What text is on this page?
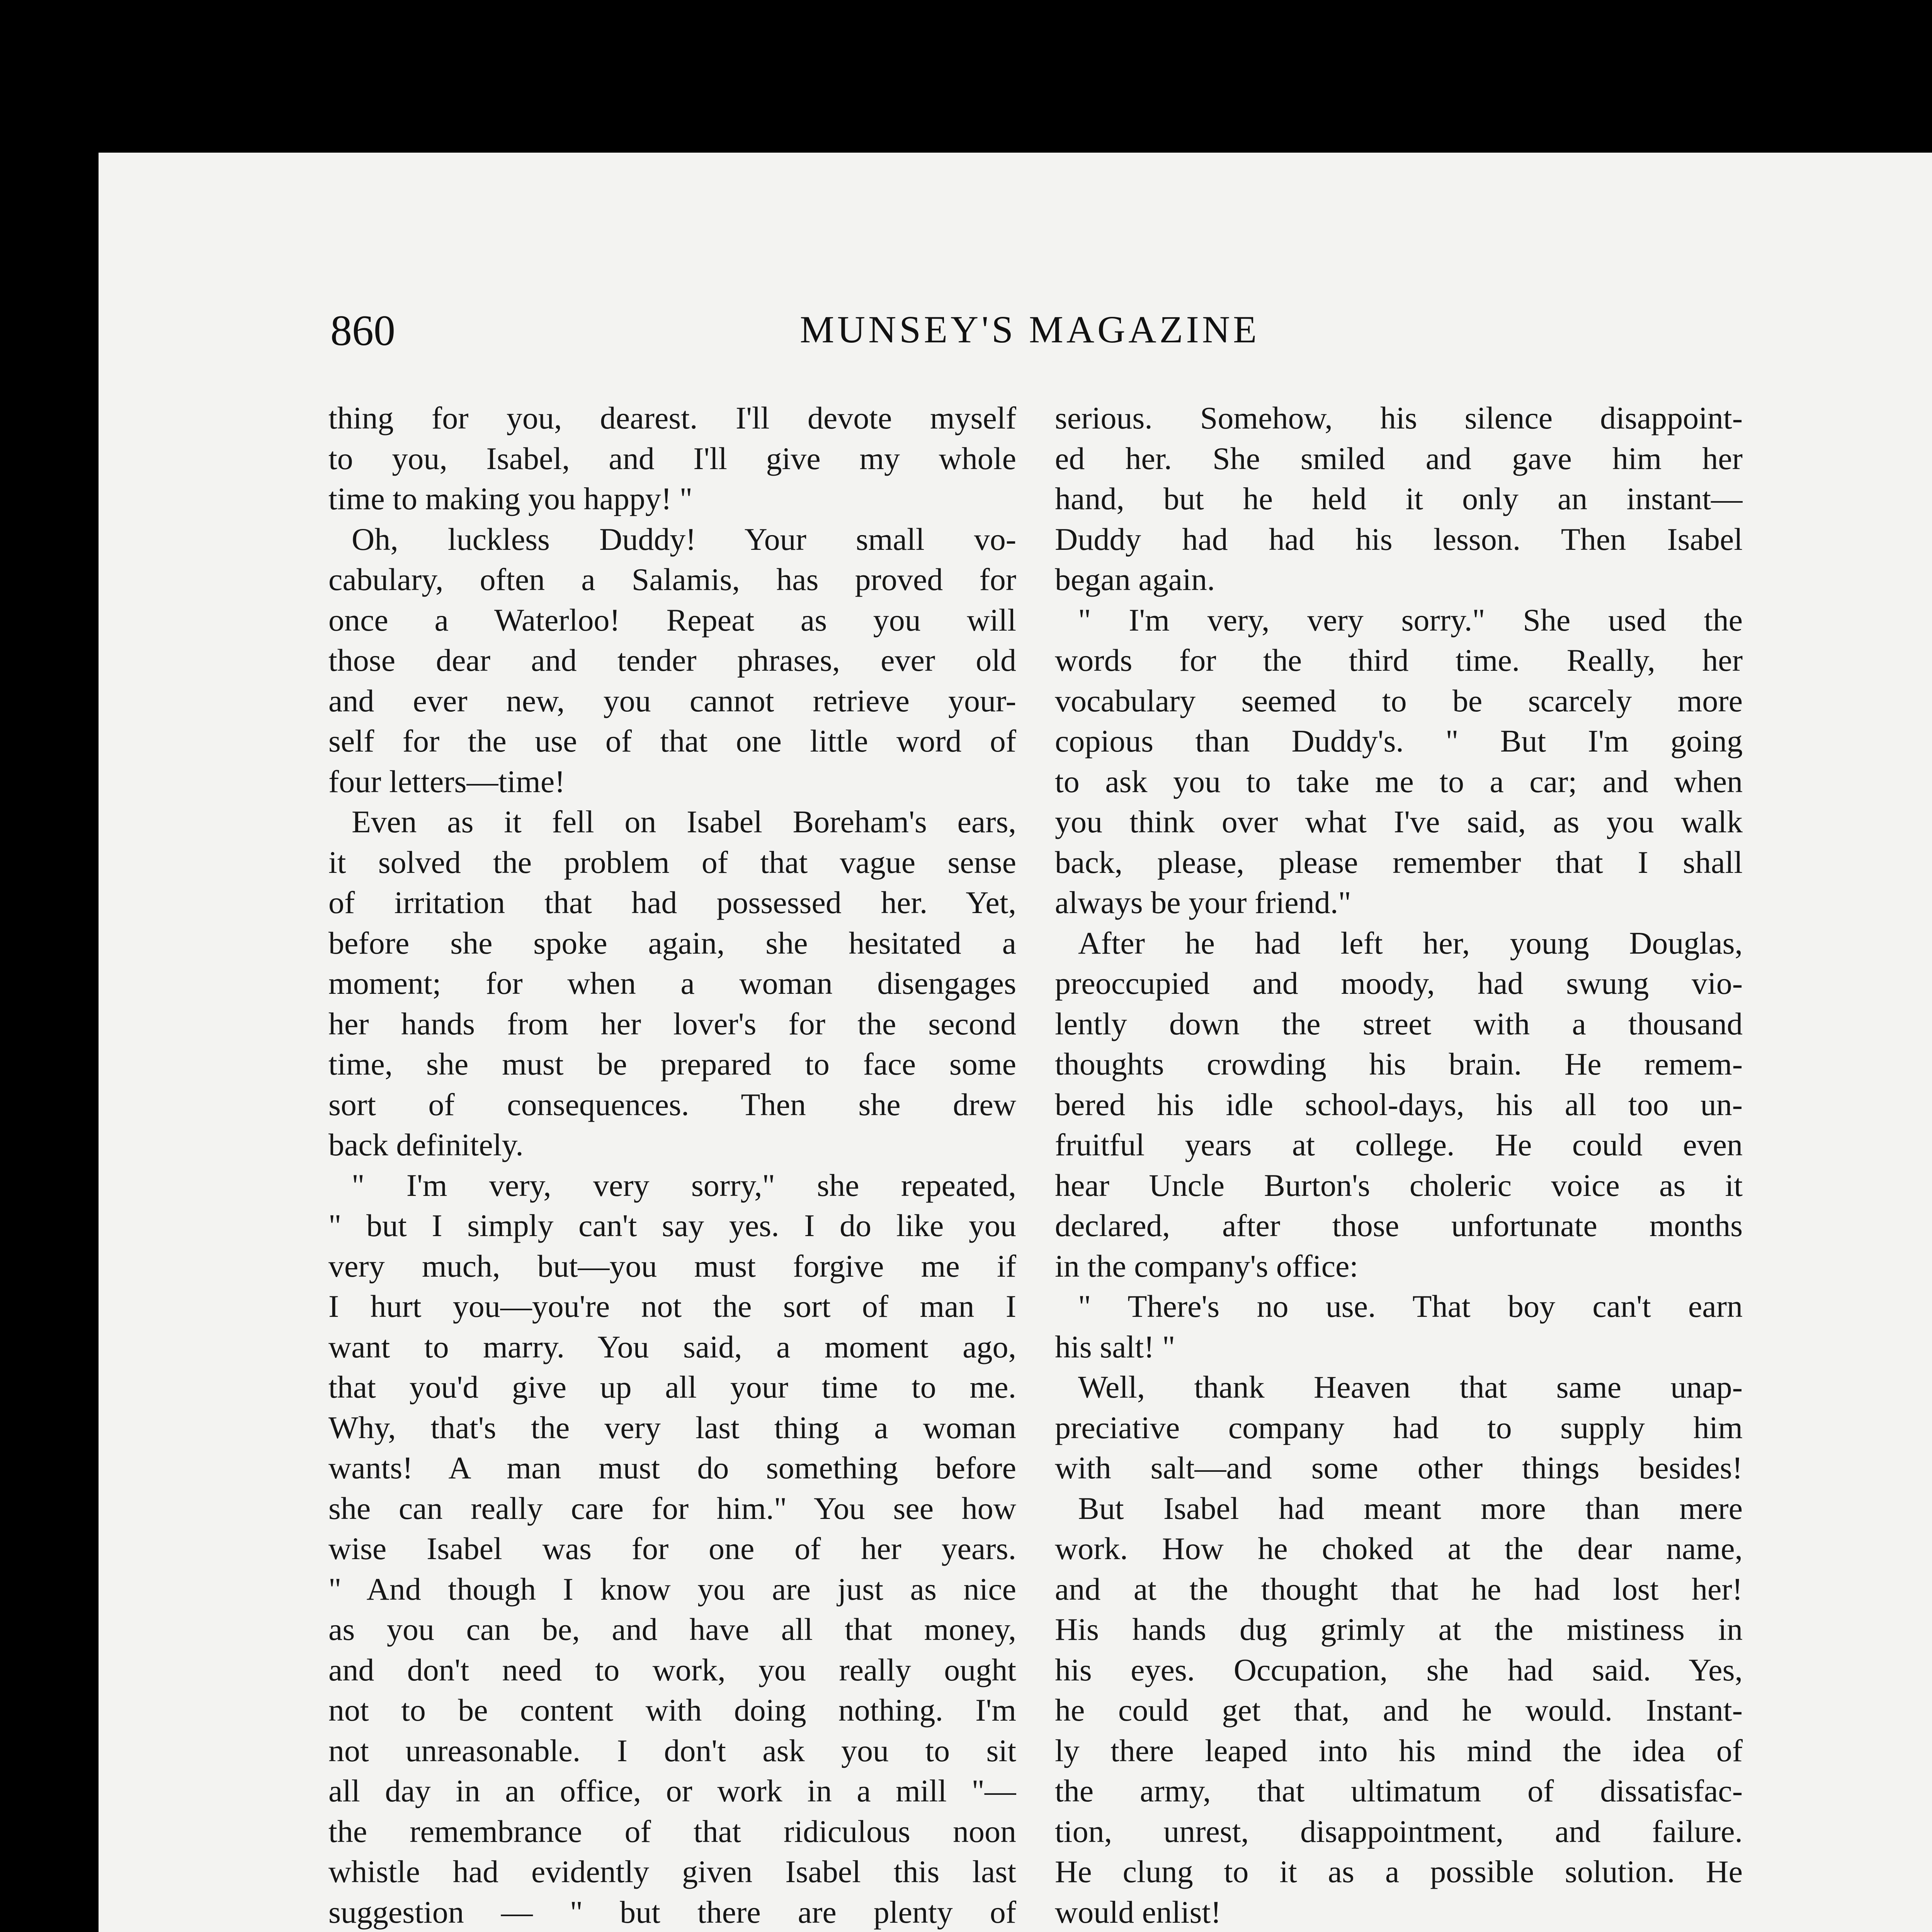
860	MUNSEY'S MAGAZINE
thing for you, dearest. I'll devote myself
to you, Isabel, and I'll give my whole
time to making you happy! "
Oh, luckless Duddy! Your small vo-
cabulary, often a Salamis, has proved for
once a Waterloo! Repeat as you will
those dear and tender phrases, ever old
and ever new, you cannot retrieve your-
self for the use of that one little word of
four letters—time!
Even as it fell on Isabel Boreham's ears,
it solved the problem of that vague sense
of irritation that had possessed her. Yet,
before she spoke again, she hesitated a
moment; for when a woman disengages
her hands from her lover's for the second
time, she must be prepared to face some
sort of consequences. Then she drew
back definitely.
" I'm very, very sorry," she repeated,
" but I simply can't say yes. I do like you
very much, but—you must forgive me if
I hurt you—you're not the sort of man I
want to marry. You said, a moment ago,
that you'd give up all your time to me.
Why, that's the very last thing a woman
wants! A man must do something before
she can really care for him." You see how
wise Isabel was for one of her years.
" And though I know you are just as nice
as you can be, and have all that money,
and don't need to work, you really ought
not to be content with doing nothing. I'm
not unreasonable. I don't ask you to sit
all day in an office, or work in a mill "—
the remembrance of that ridiculous noon
whistle had evidently given Isabel this last
suggestion — " but there are plenty of
serious. Somehow, his silence disappoint-
ed her. She smiled and gave him her
hand, but he held it only an instant—
Duddy had had his lesson. Then Isabel
began again.
" I'm very, very sorry." She used the
words for the third time. Really, her
vocabulary seemed to be scarcely more
copious than Duddy's. " But I'm going
to ask you to take me to a car; and when
you think over what I've said, as you walk
back, please, please remember that I shall
always be your friend."
After he had left her, young Douglas,
preoccupied and moody, had swung vio-
lently down the street with a thousand
thoughts crowding his brain. He remem-
bered his idle school-days, his all too un-
fruitful years at college. He could even
hear Uncle Burton's choleric voice as it
declared, after those unfortunate months
in the company's office:
" There's no use. That boy can't earn
his salt! "
Well, thank Heaven that same unap-
preciative company had to supply him
with salt—and some other things besides!
But Isabel had meant more than mere
work. How he choked at the dear name,
and at the thought that he had lost her!
His hands dug grimly at the mistiness in
his eyes. Occupation, she had said. Yes,
he could get that, and he would. Instant-
ly there leaped into his mind the idea of
the army, that ultimatum of dissatisfac-
tion, unrest, disappointment, and failure.
He clung to it as a possible solution. He
would enlist!
